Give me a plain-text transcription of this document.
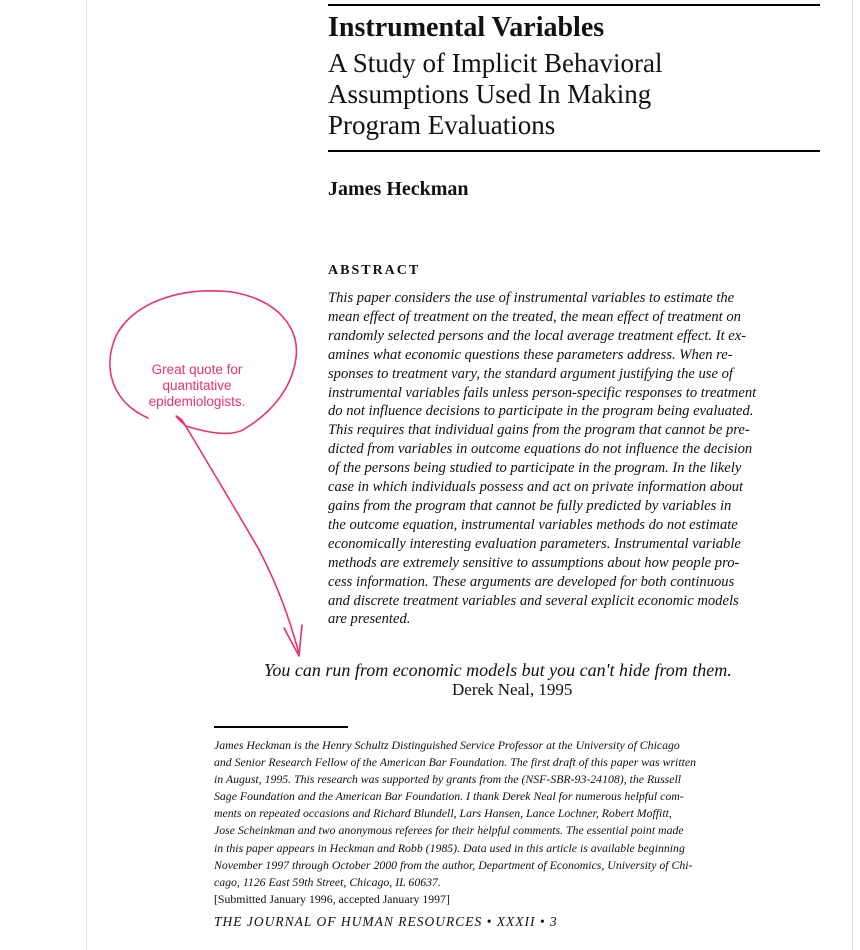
Instrumental Variables
A Study of Implicit Behavioral
Assumptions Used In Making
Program Evaluations
James Heckman
ABSTRACT
This paper considers the use of instrumental variables to estimate the
mean effect of treatment on the treated, the mean effect of treatment on
randomly selected persons and the local average treatment effect. It ex-
amines what economic questions these parameters address. When re-
sponses to treatment vary, the standard argument justifying the use of
instrumental variables fails unless person-specific responses to treatment
do not influence decisions to participate in the program being evaluated.
This requires that individual gains from the program that cannot be pre-
dicted from variables in outcome equations do not influence the decision
of the persons being studied to participate in the program. In the likely
case in which individuals possess and act on private information about
gains from the program that cannot be fully predicted by variables in
the outcome equation, instrumental variables methods do not estimate
economically interesting evaluation parameters. Instrumental variable
methods are extremely sensitive to assumptions about how people pro-
cess information. These arguments are developed for both continuous
and discrete treatment variables and several explicit economic models
are presented.

You can run from economic models but you can't hide from them.

Derek Neal, 1995

James Heckman is the Henry Schultz Distinguished Service Professor at the University of Chicago
and Senior Research Fellow of the American Bar Foundation. The first draft of this paper was written
in August, 1995. This research was supported by grants from the (NSF-SBR-93-24108), the Russell
Sage Foundation and the American Bar Foundation. I thank Derek Neal for numerous helpful com-
ments on repeated occasions and Richard Blundell, Lars Hansen, Lance Lochner, Robert Moffitt,
Jose Scheinkman and two anonymous referees for their helpful comments. The essential point made
in this paper appears in Heckman and Robb (1985). Data used in this article is available beginning
November 1997 through October 2000 from the author, Department of Economics, University of Chi-
cago, 1126 East 59th Street, Chicago, IL 60637.
[Submitted January 1996, accepted January 1997]

THE JOURNAL OF HUMAN RESOURCES • XXXII • 3

Great quote for
quantitative
epidemiologists.
